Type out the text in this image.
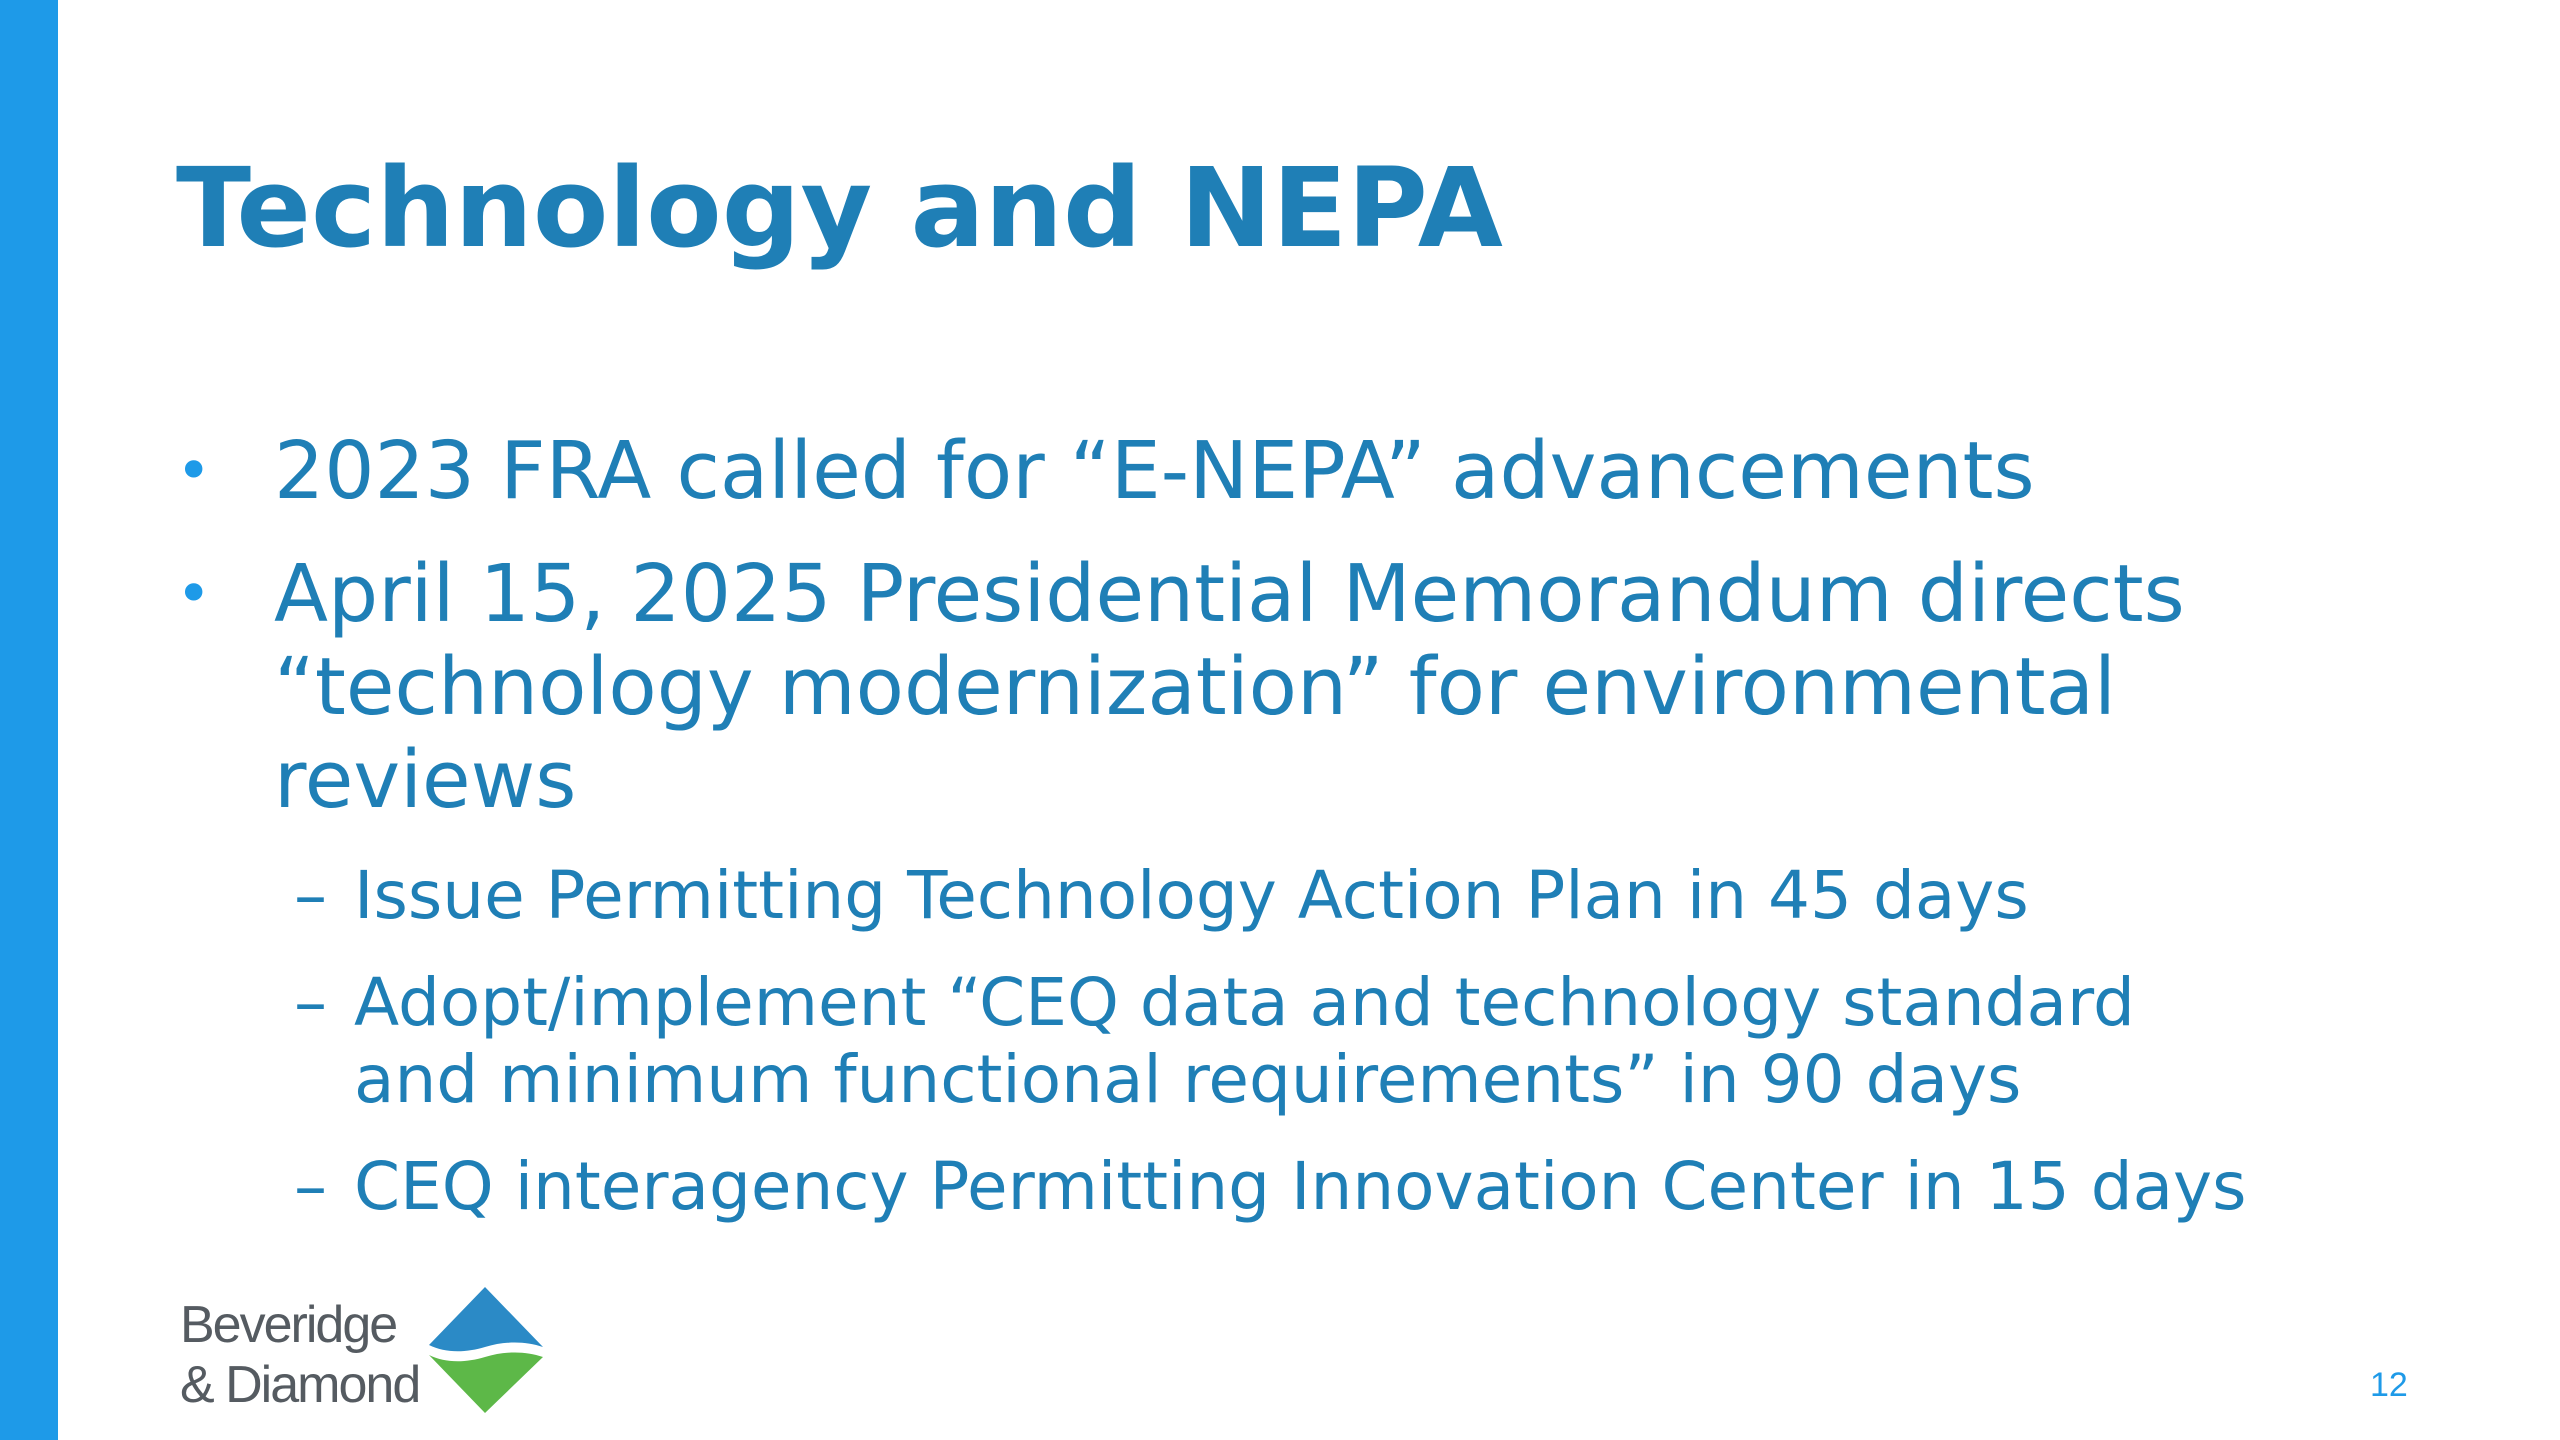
Technology and NEPA
• 2023 FRA called for “E-NEPA” advancements
• April 15, 2025 Presidential Memorandum directs
“technology modernization” for environmental
reviews
– Issue Permitting Technology Action Plan in 45 days
– Adopt/implement “CEQ data and technology standard
and minimum functional requirements” in 90 days
– CEQ interagency Permitting Innovation Center in 15 days
Beveridge
& Diamond	12
